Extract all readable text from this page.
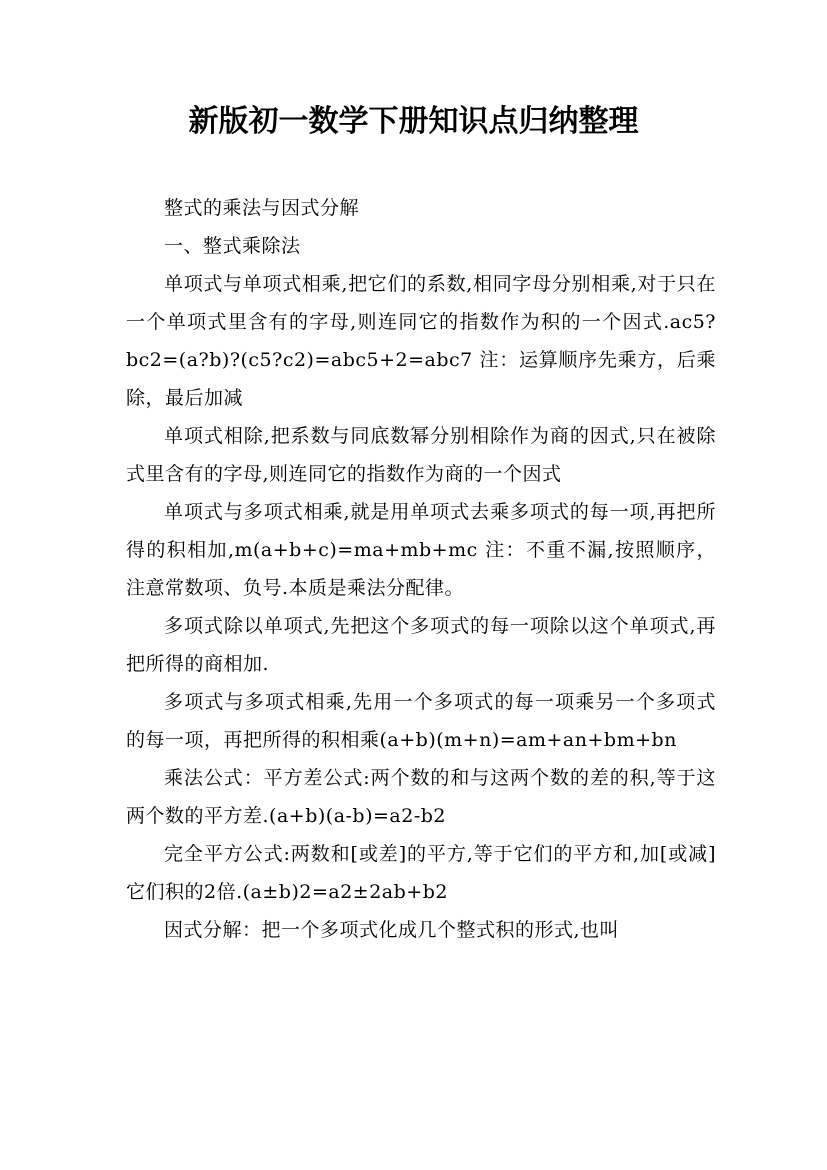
新版初一数学下册知识点归纳整理

整式的乘法与因式分解

一、整式乘除法

单项式与单项式相乘,把它们的系数,相同字母分别相乘,对于只在一个单项式里含有的字母,则连同它的指数作为积的一个因式.ac5?bc2=(a?b)?(c5?c2)=abc5+2=abc7 注：运算顺序先乘方，后乘除，最后加减

单项式相除,把系数与同底数幂分别相除作为商的因式,只在被除式里含有的字母,则连同它的指数作为商的一个因式

单项式与多项式相乘,就是用单项式去乘多项式的每一项,再把所得的积相加,m(a+b+c)=ma+mb+mc 注：不重不漏,按照顺序，注意常数项、负号.本质是乘法分配律。

多项式除以单项式,先把这个多项式的每一项除以这个单项式,再把所得的商相加.

多项式与多项式相乘,先用一个多项式的每一项乘另一个多项式的每一项，再把所得的积相乘(a+b)(m+n)=am+an+bm+bn

乘法公式：平方差公式:两个数的和与这两个数的差的积,等于这两个数的平方差.(a+b)(a-b)=a2-b2

完全平方公式:两数和[或差]的平方,等于它们的平方和,加[或减]它们积的2倍.(a±b)2=a2±2ab+b2

因式分解：把一个多项式化成几个整式积的形式,也叫
